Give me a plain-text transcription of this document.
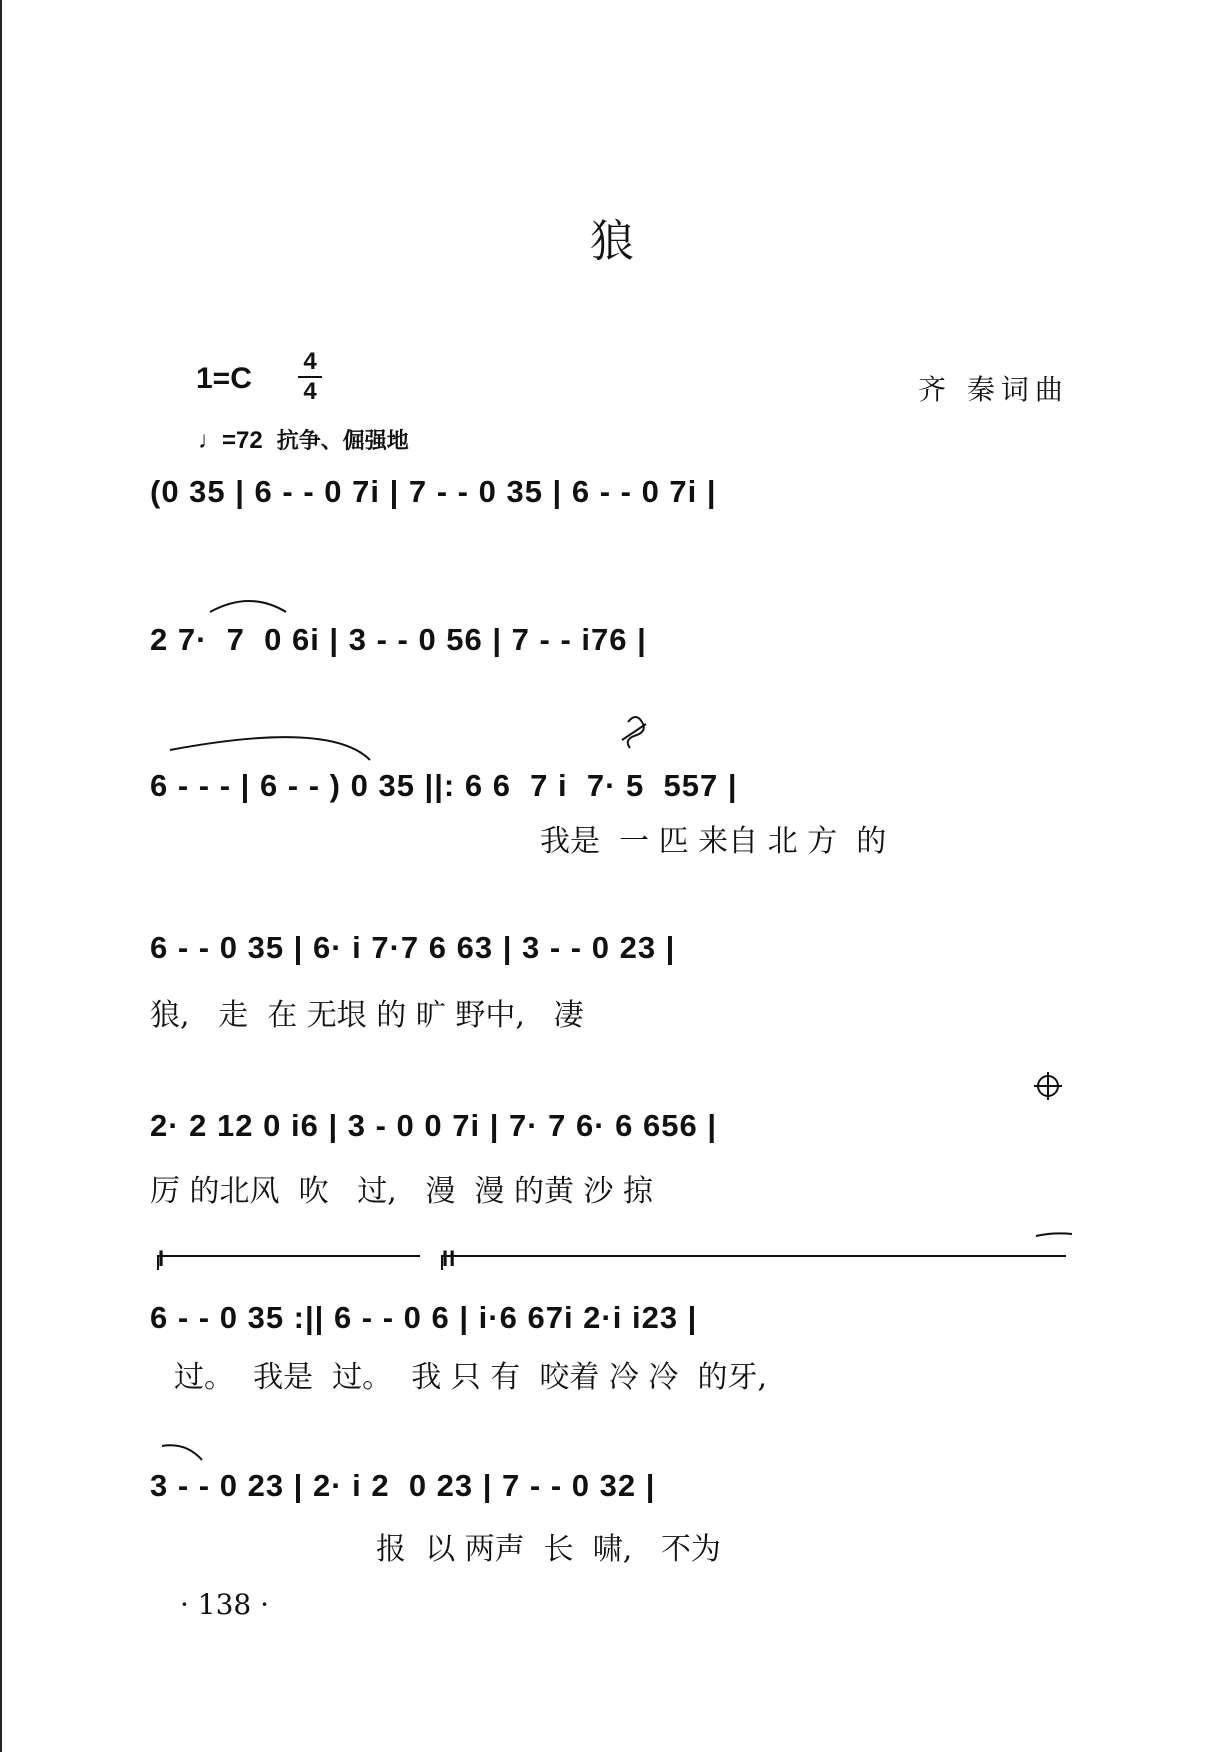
狼
1=C
4
4	齐 秦词曲
♩=72 抗争、倔强地
(0 35 | 6 - - 0 7i | 7 - - 0 35 | 6 - - 0 7i |
2 7·  7  0 6i | 3 - - 0 56 | 7 - - i76 |
6 - - - | 6 - - ) 0 35 ||: 6 6  7 i  7· 5  557 |
我是  一 匹 来自 北 方  的
6 - - 0 35 | 6· i 7·7 6 63 | 3 - - 0 23 |
狼,   走  在 无垠 的 旷 野中,   凄
2· 2 12 0 i6 | 3 - 0 0 7i | 7· 7 6· 6 656 |
厉 的北风  吹   过,   漫  漫 的黄 沙 掠
I	II
6 - - 0 35 :|| 6 - - 0 6 | i·6 67i 2·i i23 |
过。  我是  过。  我 只 有  咬着 冷 冷  的牙,
3 - - 0 23 | 2· i 2  0 23 | 7 - - 0 32 |
报  以 两声  长  啸,   不为
· 138 ·
